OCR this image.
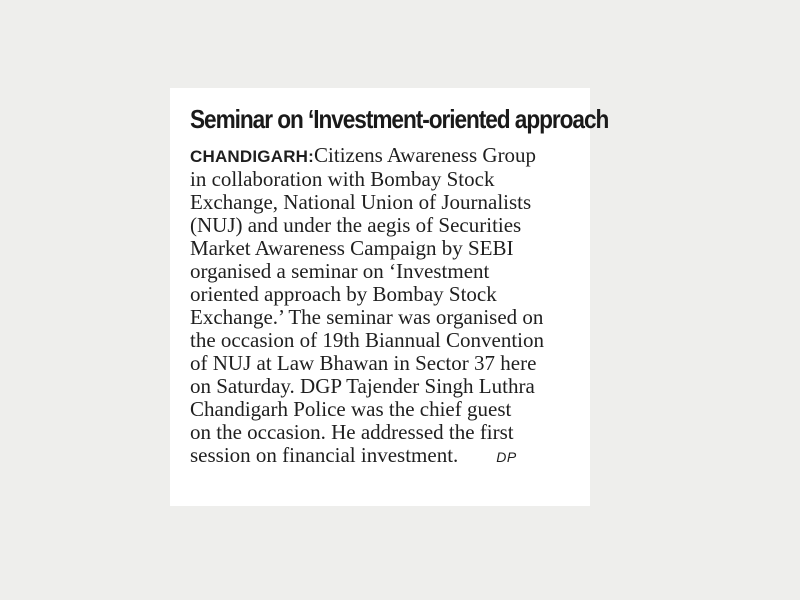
Seminar on ‘Investment-oriented approach
CHANDIGARH:Citizens Awareness Group
in collaboration with Bombay Stock
Exchange, National Union of Journalists
(NUJ) and under the aegis of Securities
Market Awareness Campaign by SEBI
organised a seminar on ‘Investment
oriented approach by Bombay Stock
Exchange.’ The seminar was organised on
the occasion of 19th Biannual Convention
of NUJ at Law Bhawan in Sector 37 here
on Saturday. DGP Tajender Singh Luthra
Chandigarh Police was the chief guest
on the occasion. He addressed the first
session on financial investment.	DP
